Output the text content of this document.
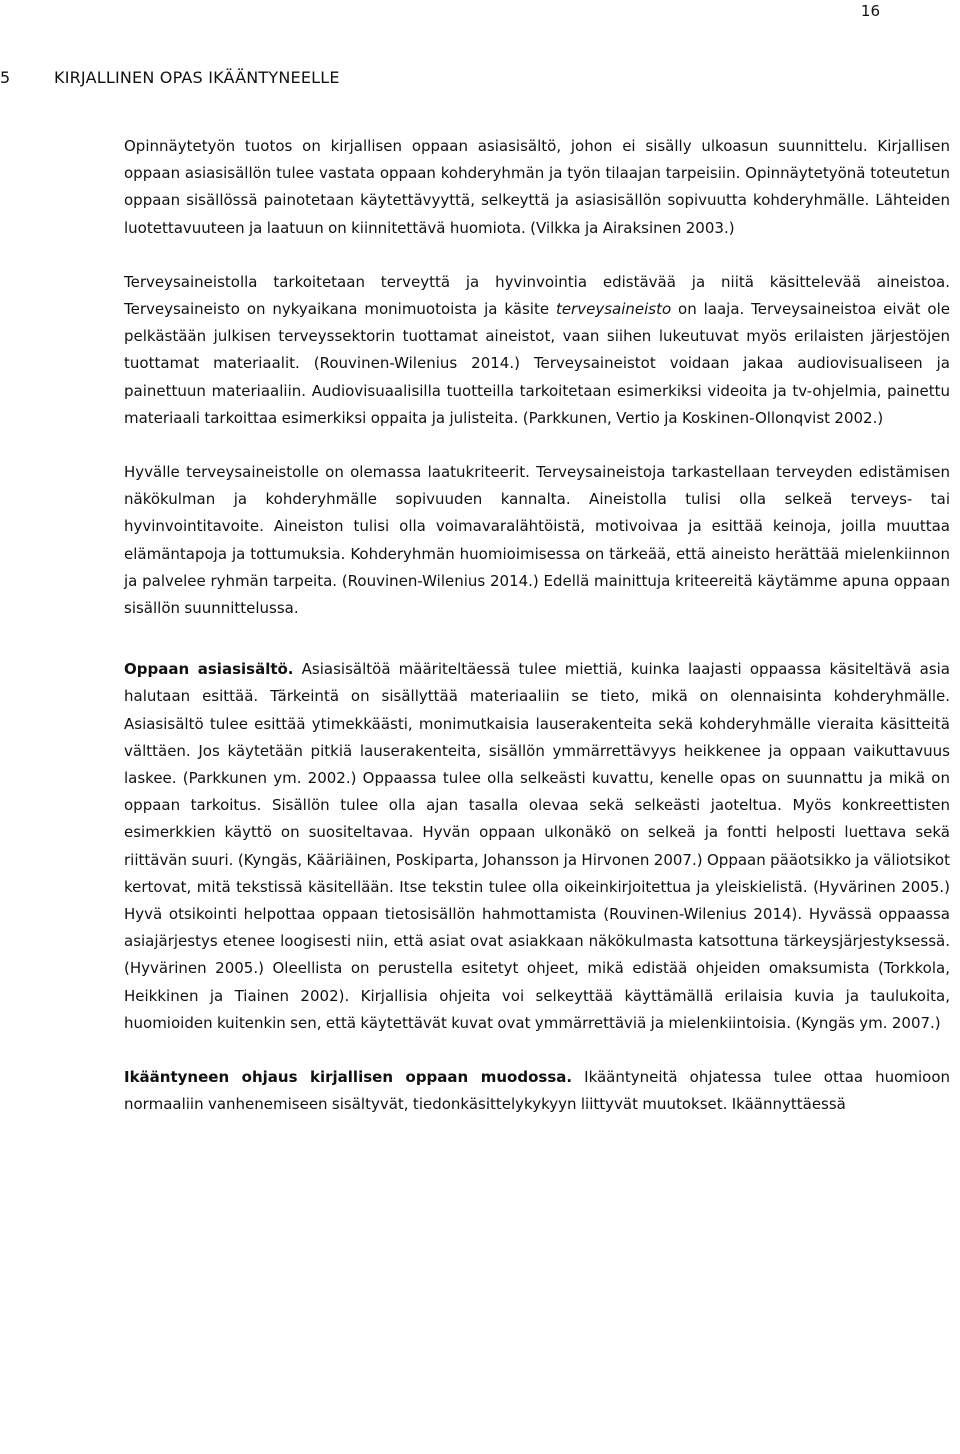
16
5	KIRJALLINEN OPAS IKÄÄNTYNEELLE

Opinnäytetyön tuotos on kirjallisen oppaan asiasisältö, johon ei sisälly ulkoasun suunnittelu. Kirjallisen oppaan asiasisällön tulee vastata oppaan kohderyhmän ja työn tilaajan tarpeisiin. Opinnäytetyönä toteutetun oppaan sisällössä painotetaan käytettävyyttä, selkeyttä ja asiasisällön sopivuutta kohderyhmälle. Lähteiden luotettavuuteen ja laatuun on kiinnitettävä huomiota. (Vilkka ja Airaksinen 2003.)

Terveysaineistolla tarkoitetaan terveyttä ja hyvinvointia edistävää ja niitä käsittelevää aineistoa. Terveysaineisto on nykyaikana monimuotoista ja käsite terveysaineisto on laaja. Terveysaineistoa eivät ole pelkästään julkisen terveyssektorin tuottamat aineistot, vaan siihen lukeutuvat myös erilaisten järjestöjen tuottamat materiaalit. (Rouvinen-Wilenius 2014.) Terveysaineistot voidaan jakaa audiovisualiseen ja painettuun materiaaliin. Audiovisuaalisilla tuotteilla tarkoitetaan esimerkiksi videoita ja tv-ohjelmia, painettu materiaali tarkoittaa esimerkiksi oppaita ja julisteita. (Parkkunen, Vertio ja Koskinen-Ollonqvist 2002.)

Hyvälle terveysaineistolle on olemassa laatukriteerit. Terveysaineistoja tarkastellaan terveyden edistämisen näkökulman ja kohderyhmälle sopivuuden kannalta. Aineistolla tulisi olla selkeä terveys- tai hyvinvointitavoite. Aineiston tulisi olla voimavaralähtöistä, motivoivaa ja esittää keinoja, joilla muuttaa elämäntapoja ja tottumuksia. Kohderyhmän huomioimisessa on tärkeää, että aineisto herättää mielenkiinnon ja palvelee ryhmän tarpeita. (Rouvinen-Wilenius 2014.) Edellä mainittuja kriteereitä käytämme apuna oppaan sisällön suunnittelussa.

Oppaan asiasisältö. Asiasisältöä määriteltäessä tulee miettiä, kuinka laajasti oppaassa käsiteltävä asia halutaan esittää. Tärkeintä on sisällyttää materiaaliin se tieto, mikä on olennaisinta kohderyhmälle. Asiasisältö tulee esittää ytimekkäästi, monimutkaisia lauserakenteita sekä kohderyhmälle vieraita käsitteitä välttäen. Jos käytetään pitkiä lauserakenteita, sisällön ymmärrettävyys heikkenee ja oppaan vaikuttavuus laskee. (Parkkunen ym. 2002.) Oppaassa tulee olla selkeästi kuvattu, kenelle opas on suunnattu ja mikä on oppaan tarkoitus. Sisällön tulee olla ajan tasalla olevaa sekä selkeästi jaoteltua. Myös konkreettisten esimerkkien käyttö on suositeltavaa. Hyvän oppaan ulkonäkö on selkeä ja fontti helposti luettava sekä riittävän suuri. (Kyngäs, Kääriäinen, Poskiparta, Johansson ja Hirvonen 2007.) Oppaan pääotsikko ja väliotsikot kertovat, mitä tekstissä käsitellään. Itse tekstin tulee olla oikeinkirjoitettua ja yleiskielistä. (Hyvärinen 2005.) Hyvä otsikointi helpottaa oppaan tietosisällön hahmottamista (Rouvinen-Wilenius 2014). Hyvässä oppaassa asiajärjestys etenee loogisesti niin, että asiat ovat asiakkaan näkökulmasta katsottuna tärkeysjärjestyksessä. (Hyvärinen 2005.) Oleellista on perustella esitetyt ohjeet, mikä edistää ohjeiden omaksumista (Torkkola, Heikkinen ja Tiainen 2002). Kirjallisia ohjeita voi selkeyttää käyttämällä erilaisia kuvia ja taulukoita, huomioiden kuitenkin sen, että käytettävät kuvat ovat ymmärrettäviä ja mielenkiintoisia. (Kyngäs ym. 2007.)

Ikääntyneen ohjaus kirjallisen oppaan muodossa. Ikääntyneitä ohjatessa tulee ottaa huomioon normaaliin vanhenemiseen sisältyvät, tiedonkäsittelykykyyn liittyvät muutokset. Ikäännyttäessä
